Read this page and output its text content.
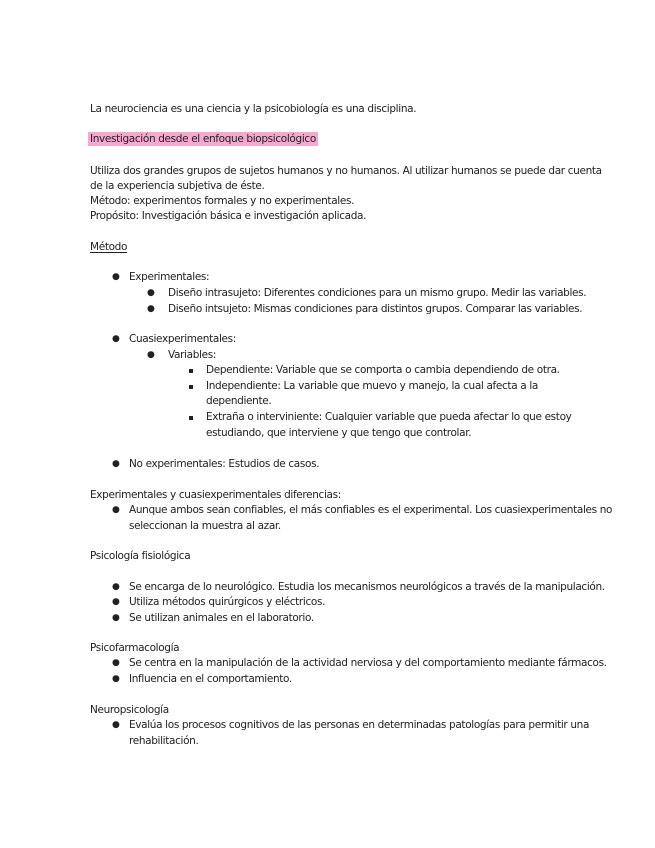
La neurociencia es una ciencia y la psicobiología es una disciplina.
Investigación desde el enfoque biopsicológico
Utiliza dos grandes grupos de sujetos humanos y no humanos. Al utilizar humanos se puede dar cuenta
de la experiencia subjetiva de éste.
Método: experimentos formales y no experimentales.
Propósito: Investigación básica e investigación aplicada.
Método
● Experimentales:
● Diseño intrasujeto: Diferentes condiciones para un mismo grupo. Medir las variables.
● Diseño intsujeto: Mismas condiciones para distintos grupos. Comparar las variables.
● Cuasiexperimentales:
● Variables:
Dependiente: Variable que se comporta o cambia dependiendo de otra.
Independiente: La variable que muevo y manejo, la cual afecta a la
dependiente.
Extraña o interviniente: Cualquier variable que pueda afectar lo que estoy
estudiando, que interviene y que tengo que controlar.
● No experimentales: Estudios de casos.
Experimentales y cuasiexperimentales diferencias:
● Aunque ambos sean confiables, el más confiables es el experimental. Los cuasiexperimentales no
seleccionan la muestra al azar.
Psicología fisiológica
● Se encarga de lo neurológico. Estudia los mecanismos neurológicos a través de la manipulación.
● Utiliza métodos quirúrgicos y eléctricos.
● Se utilizan animales en el laboratorio.
Psicofarmacología
● Se centra en la manipulación de la actividad nerviosa y del comportamiento mediante fármacos.
● Influencia en el comportamiento.
Neuropsicología
● Evalúa los procesos cognitivos de las personas en determinadas patologías para permitir una
rehabilitación.
